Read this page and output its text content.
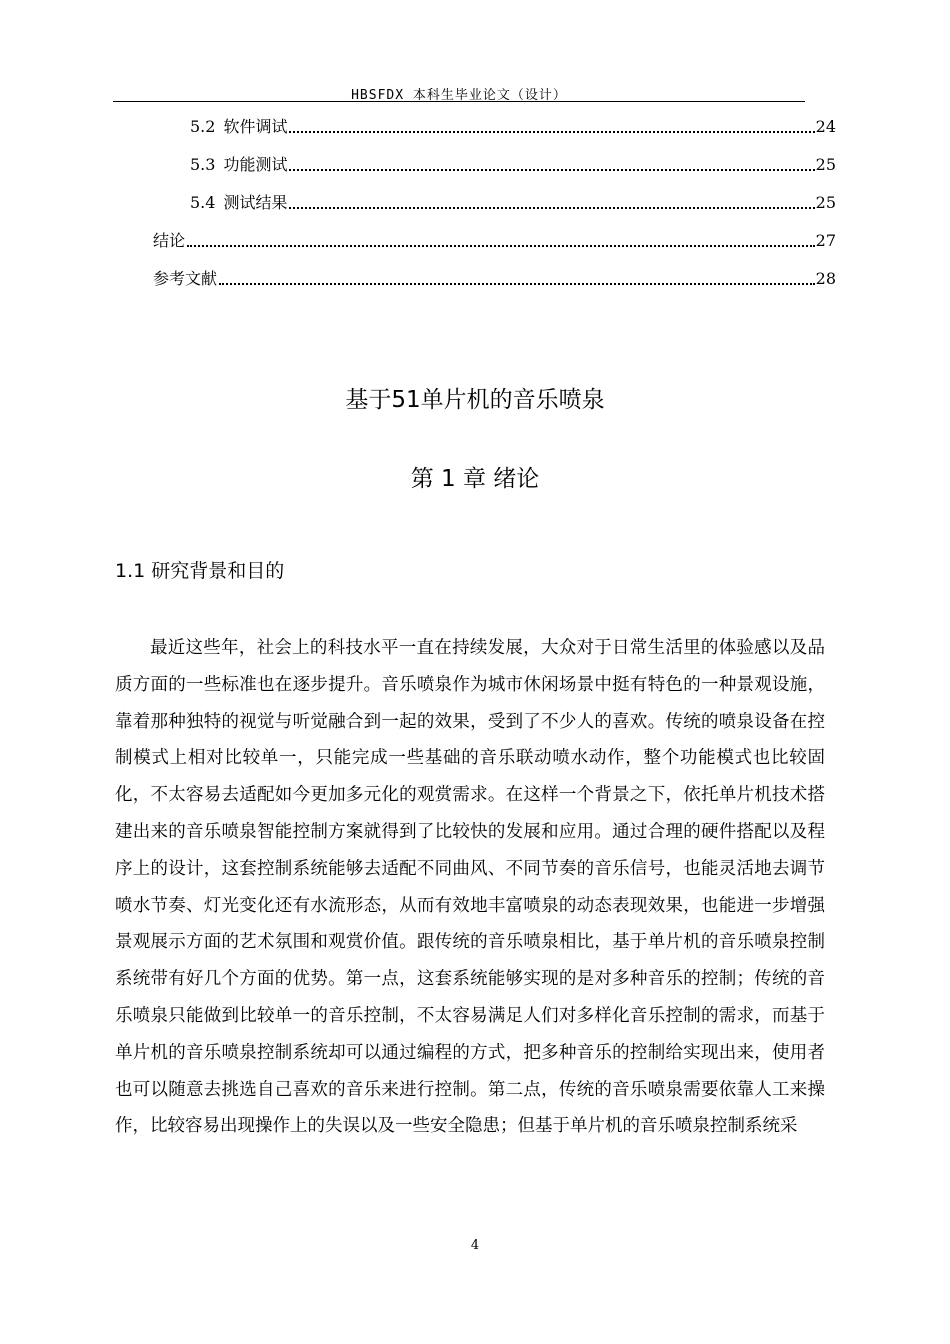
HBSFDX 本科生毕业论文（设计）
5.2 软件调试	24
5.3 功能测试	25
5.4 测试结果	25
结论	27
参考文献	28
基于51单片机的音乐喷泉
第 1 章 绪论
1.1 研究背景和目的

最近这些年，社会上的科技水平一直在持续发展，大众对于日常生活里的体验感以及品质方面的一些标准也在逐步提升。音乐喷泉作为城市休闲场景中挺有特色的一种景观设施，靠着那种独特的视觉与听觉融合到一起的效果，受到了不少人的喜欢。传统的喷泉设备在控制模式上相对比较单一，只能完成一些基础的音乐联动喷水动作，整个功能模式也比较固化，不太容易去适配如今更加多元化的观赏需求。在这样一个背景之下，依托单片机技术搭建出来的音乐喷泉智能控制方案就得到了比较快的发展和应用。通过合理的硬件搭配以及程序上的设计，这套控制系统能够去适配不同曲风、不同节奏的音乐信号，也能灵活地去调节喷水节奏、灯光变化还有水流形态，从而有效地丰富喷泉的动态表现效果，也能进一步增强景观展示方面的艺术氛围和观赏价值。跟传统的音乐喷泉相比，基于单片机的音乐喷泉控制系统带有好几个方面的优势。第一点，这套系统能够实现的是对多种音乐的控制；传统的音乐喷泉只能做到比较单一的音乐控制，不太容易满足人们对多样化音乐控制的需求，而基于单片机的音乐喷泉控制系统却可以通过编程的方式，把多种音乐的控制给实现出来，使用者也可以随意去挑选自己喜欢的音乐来进行控制。第二点，传统的音乐喷泉需要依靠人工来操作，比较容易出现操作上的失误以及一些安全隐患；但基于单片机的音乐喷泉控制系统采

4
